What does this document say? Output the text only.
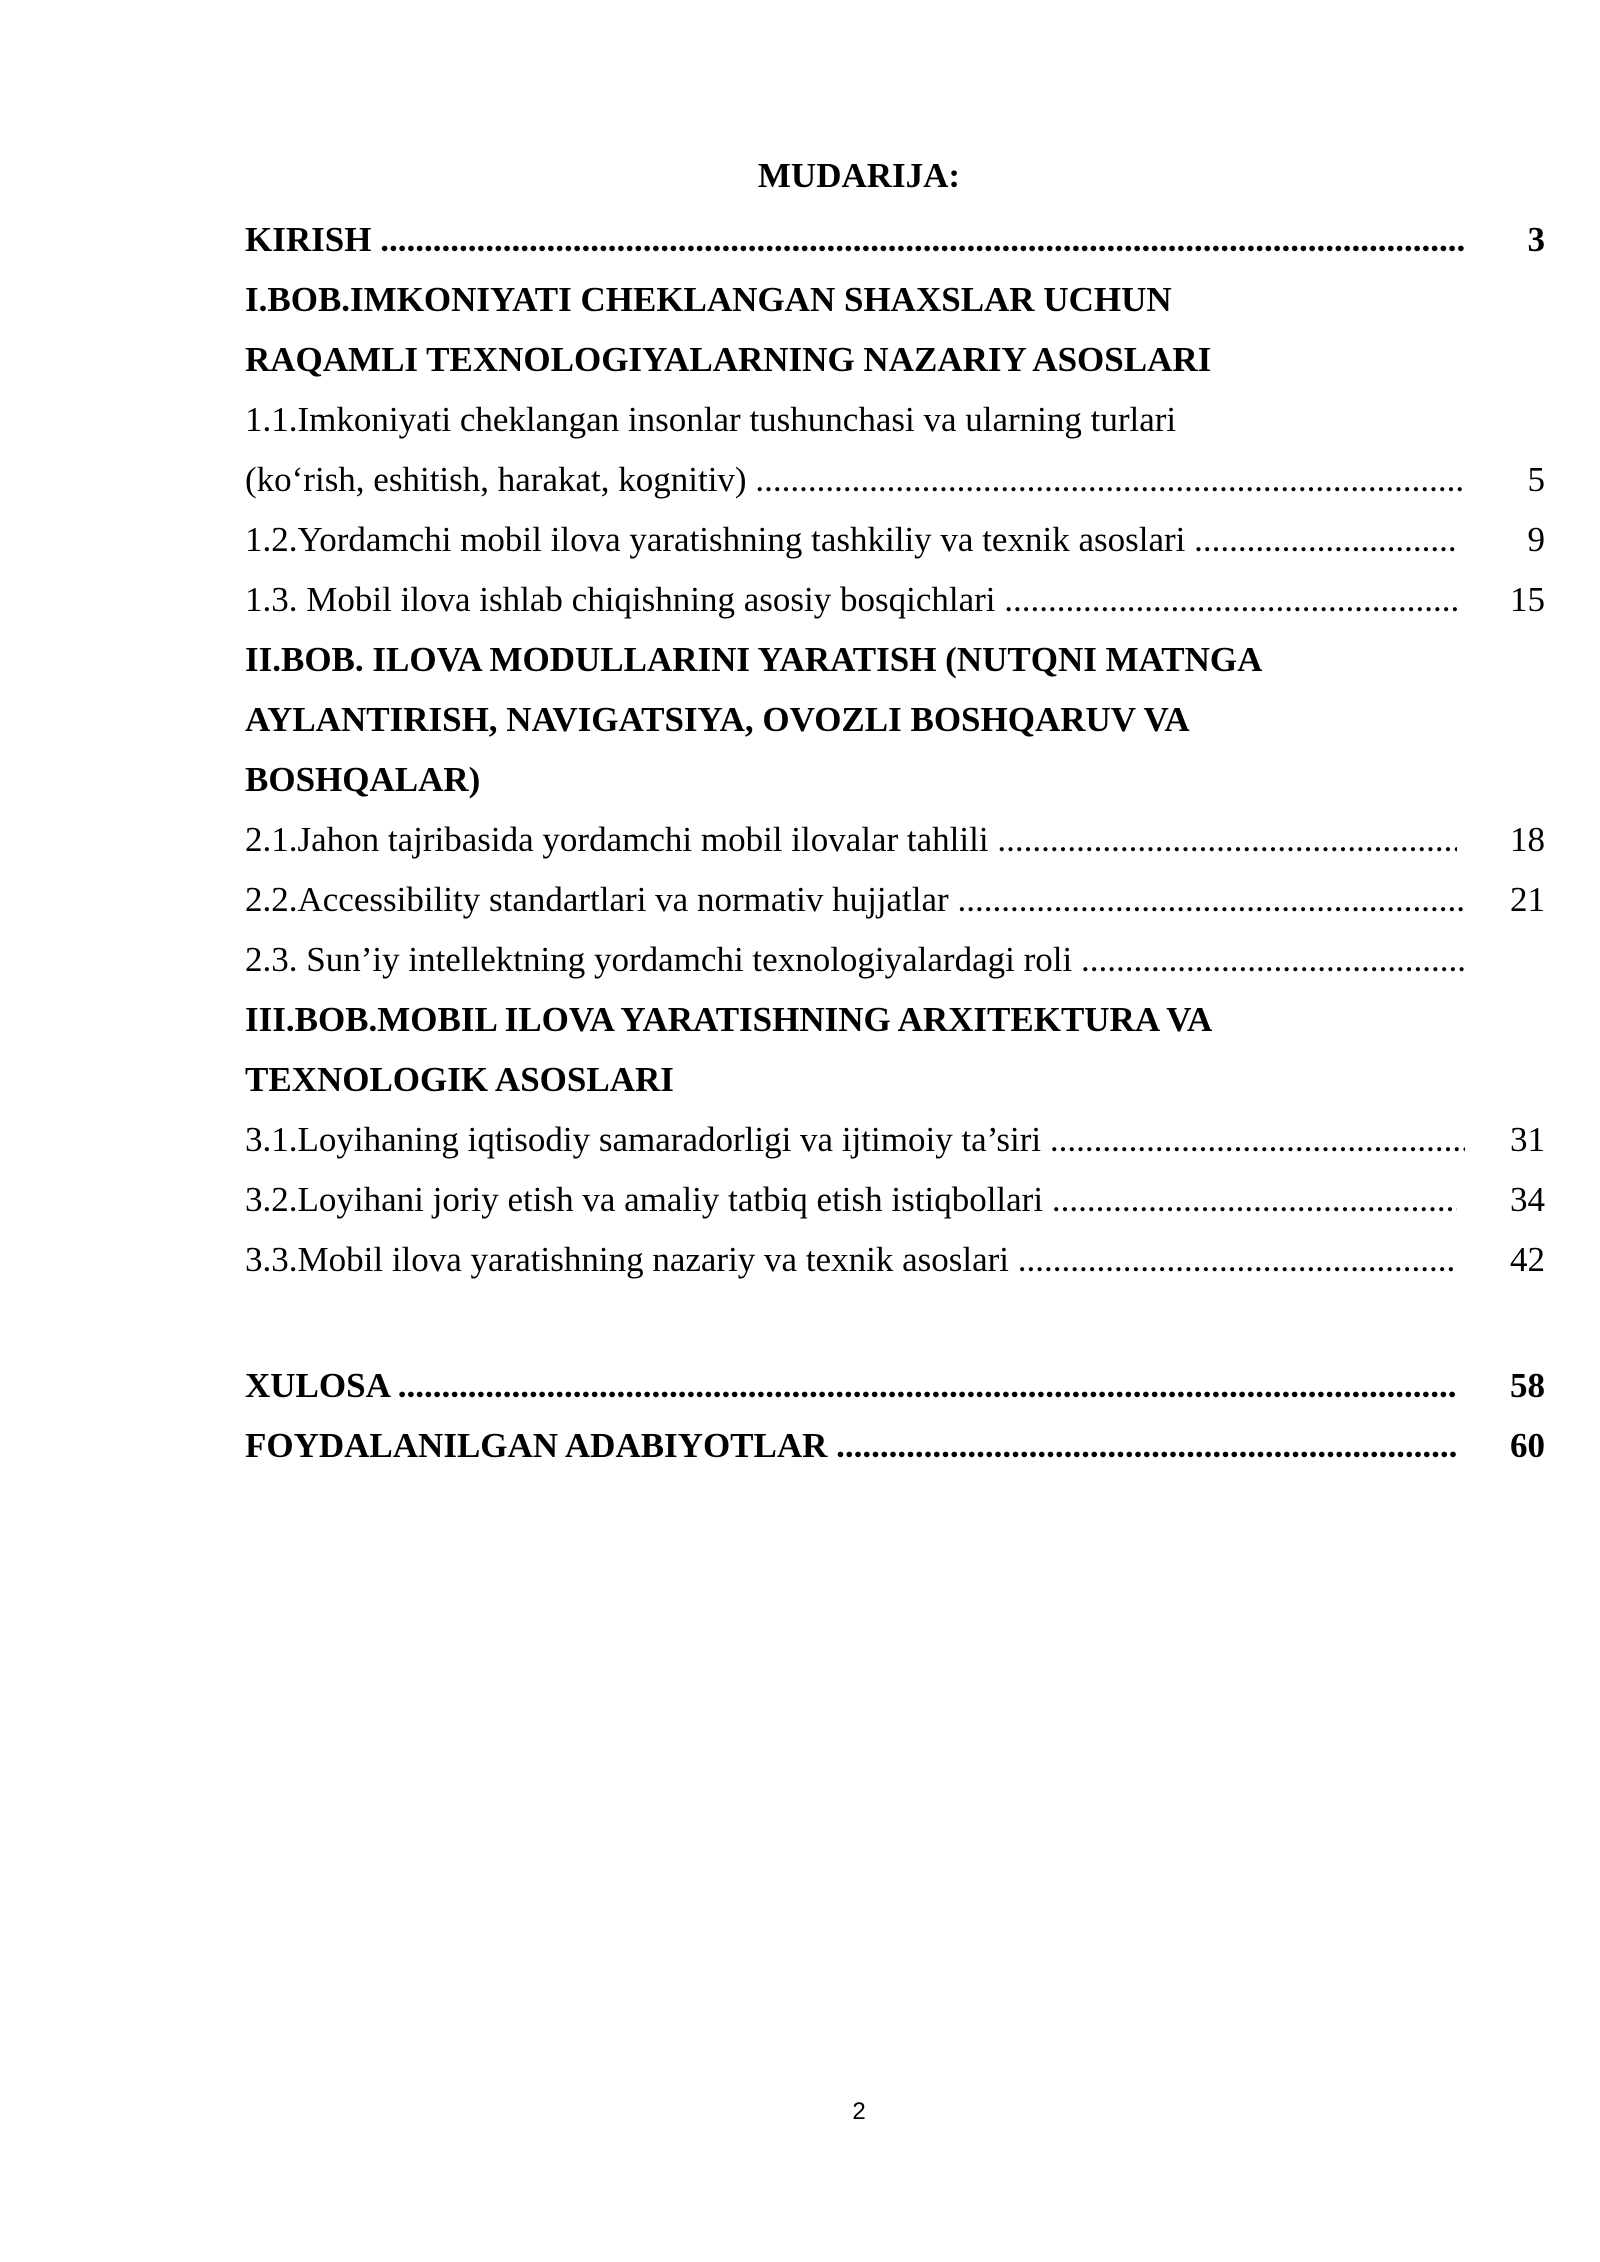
MUDARIJA:
KIRISH .....	3
I.BOB.IMKONIYATI CHEKLANGAN SHAXSLAR UCHUN
RAQAMLI TEXNOLOGIYALARNING NAZARIY ASOSLARI
1.1.Imkoniyati cheklangan insonlar tushunchasi va ularning turlari
(ko‘rish, eshitish, harakat, kognitiv) .....	5
1.2.Yordamchi mobil ilova yaratishning tashkiliy va texnik asoslari .....	9
1.3. Mobil ilova ishlab chiqishning asosiy bosqichlari .....	15
II.BOB. ILOVA MODULLARINI YARATISH (NUTQNI MATNGA
AYLANTIRISH, NAVIGATSIYA, OVOZLI BOSHQARUV VA
BOSHQALAR)
2.1.Jahon tajribasida yordamchi mobil ilovalar tahlili .....	18
2.2.Accessibility standartlari va normativ hujjatlar .....	21
2.3. Sun’iy intellektning yordamchi texnologiyalardagi roli .....
III.BOB.MOBIL ILOVA YARATISHNING ARXITEKTURA VA
TEXNOLOGIK ASOSLARI
3.1.Loyihaning iqtisodiy samaradorligi va ijtimoiy ta’siri .....	31
3.2.Loyihani joriy etish va amaliy tatbiq etish istiqbollari .....	34
3.3.Mobil ilova yaratishning nazariy va texnik asoslari .....	42
XULOSA .....	58
FOYDALANILGAN ADABIYOTLAR .....	60
2
